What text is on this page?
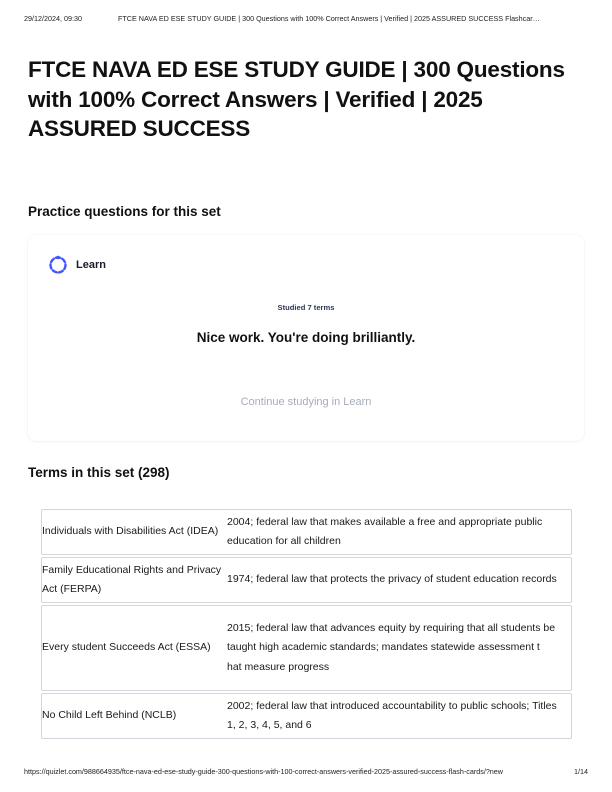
29/12/2024, 09:30	FTCE NAVA ED ESE STUDY GUIDE | 300 Questions with 100% Correct Answers | Verified | 2025 ASSURED SUCCESS Flashcar…
FTCE NAVA ED ESE STUDY GUIDE | 300 Questions with 100% Correct Answers | Verified | 2025 ASSURED SUCCESS
Practice questions for this set
Learn
Studied 7 terms
Nice work. You're doing brilliantly.
Continue studying in Learn
Terms in this set (298)
Individuals with Disabilities Act (IDEA)
2004; federal law that makes available a free and appropriate public education for all children
Family Educational Rights and Privacy Act (FERPA)
1974; federal law that protects the privacy of student education records
Every student Succeeds Act (ESSA)
2015; federal law that advances equity by requiring that all students be taught high academic standards; mandates statewide assessment t hat measure progress
No Child Left Behind (NCLB)
2002; federal law that introduced accountability to public schools; Titles 1, 2, 3, 4, 5, and 6
https://quizlet.com/988664935/ftce-nava-ed-ese-study-guide-300-questions-with-100-correct-answers-verified-2025-assured-success-flash-cards/?new	1/14
